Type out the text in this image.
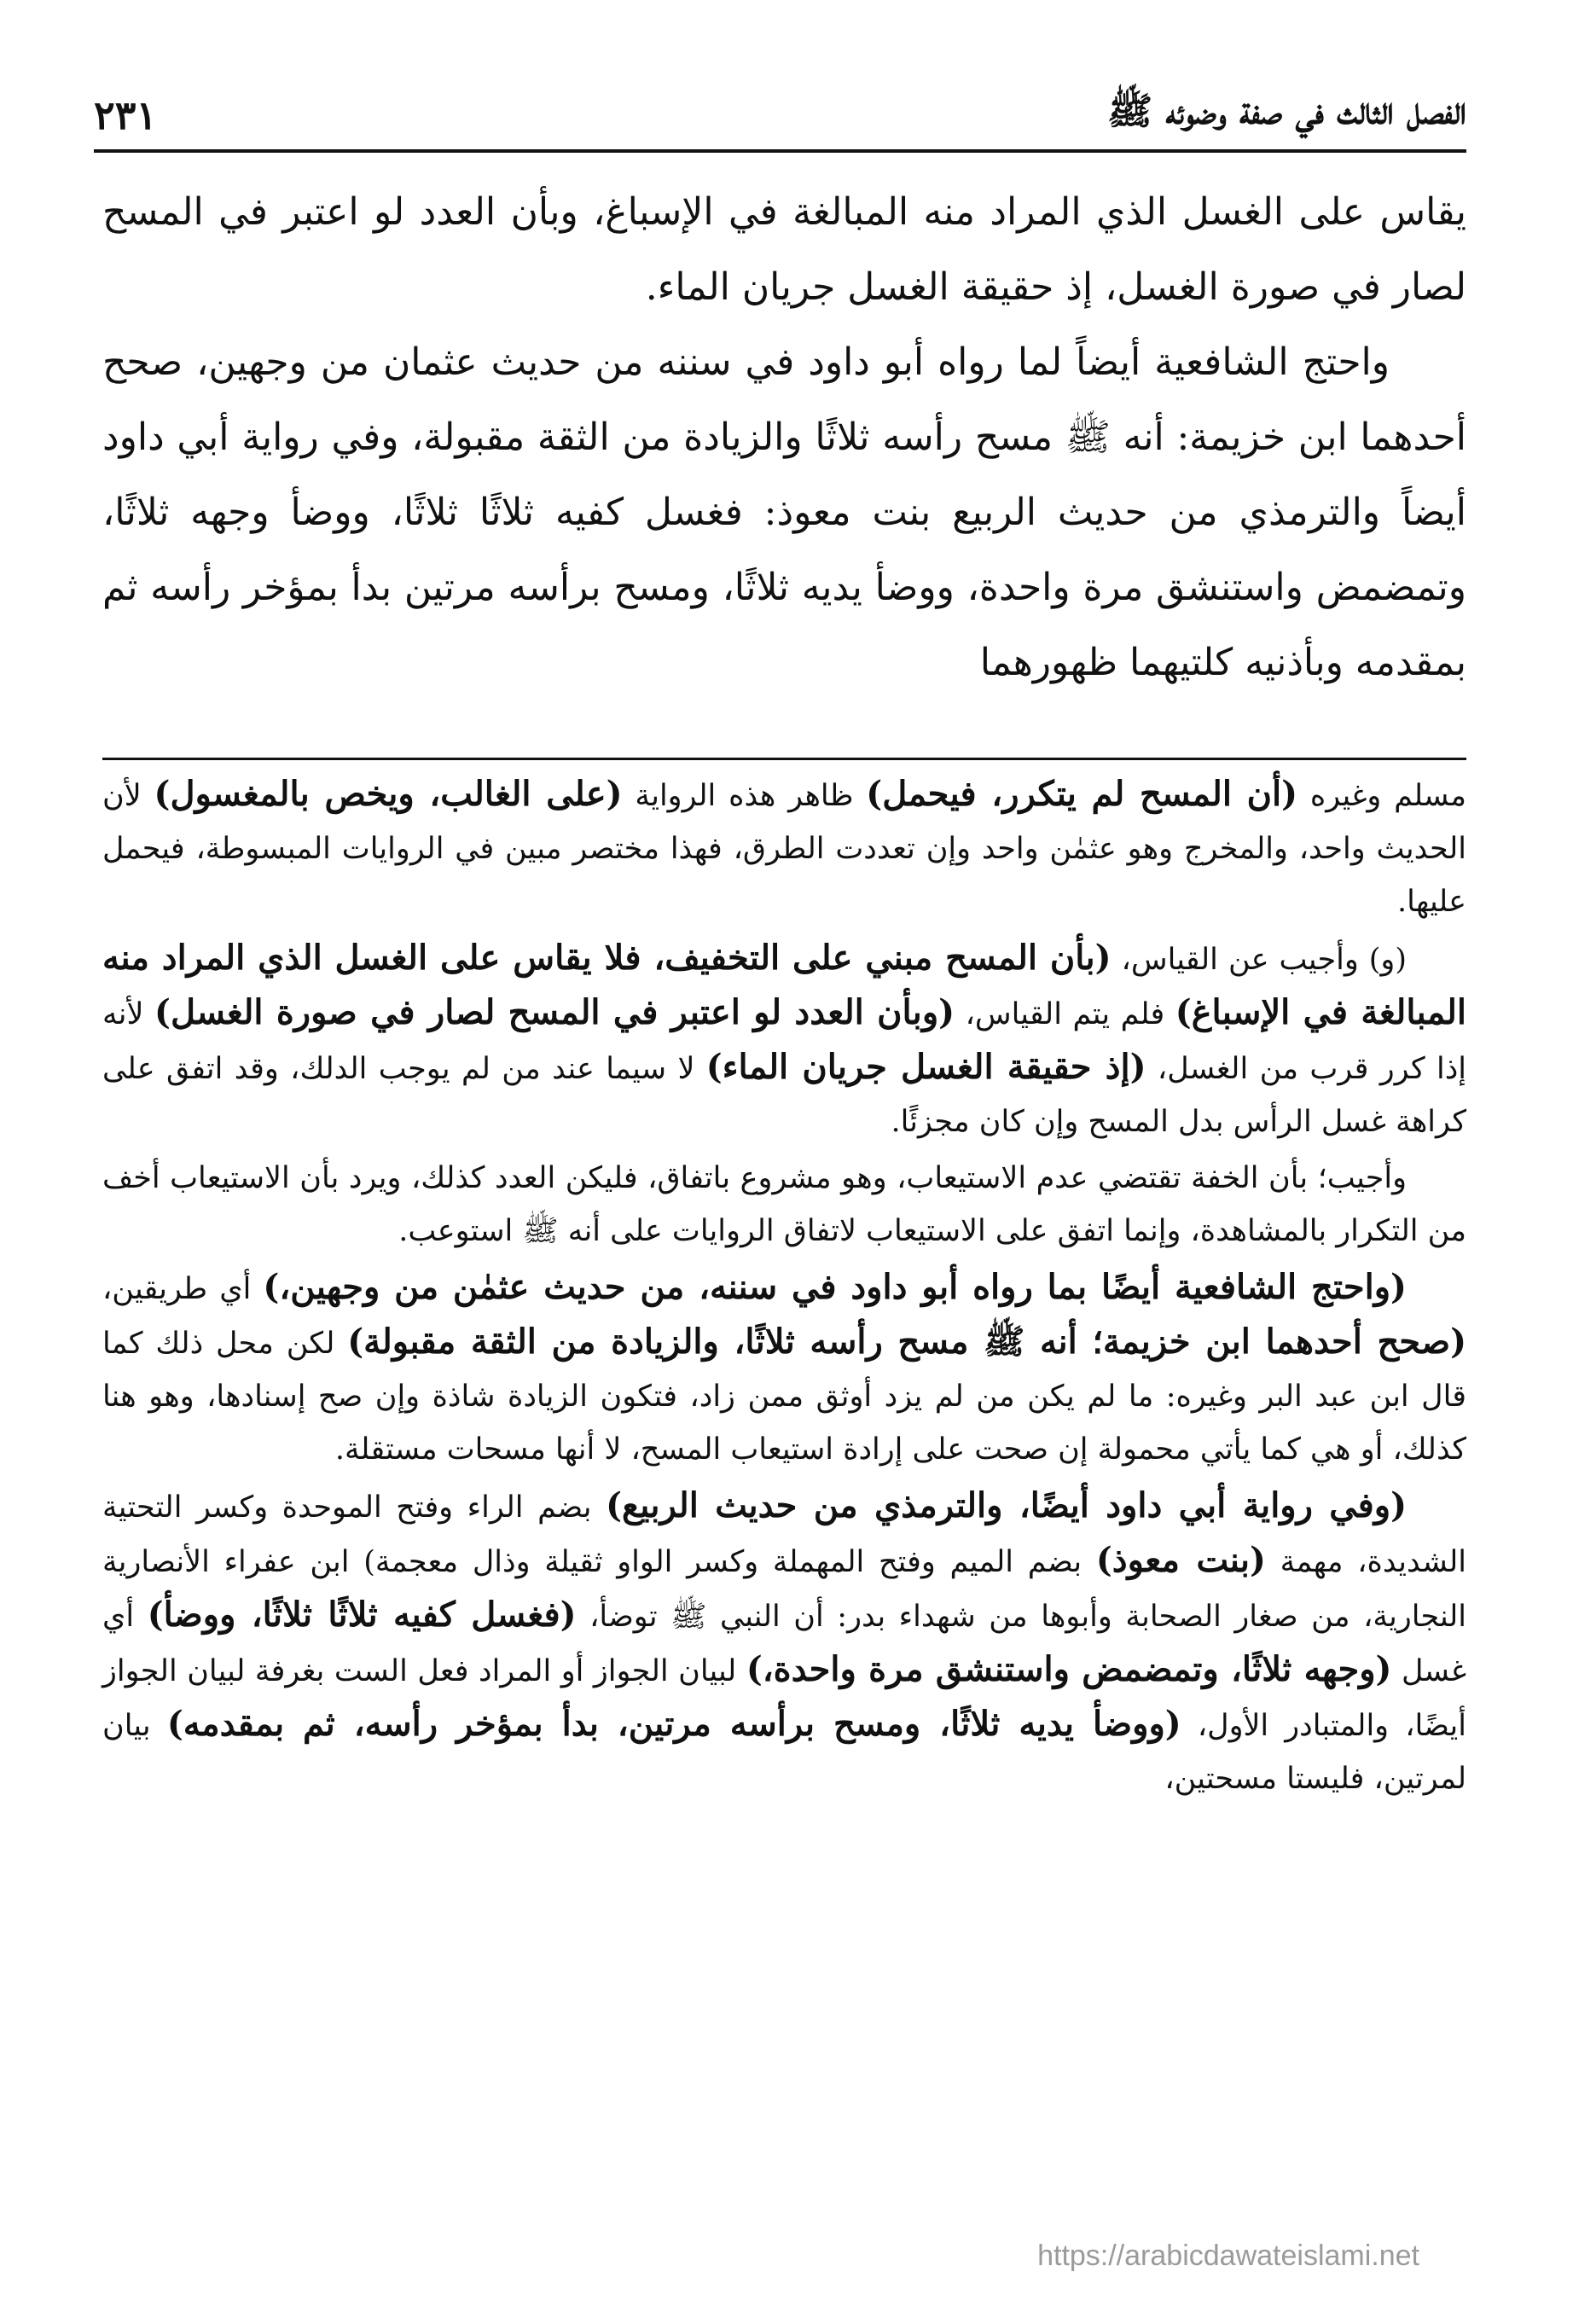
الفصل الثالث في صفة وضوئه ﷺ
٢٣١

يقاس على الغسل الذي المراد منه المبالغة في الإسباغ، وبأن العدد لو اعتبر في المسح لصار في صورة الغسل، إذ حقيقة الغسل جريان الماء.

واحتج الشافعية أيضاً لما رواه أبو داود في سننه من حديث عثمان من وجهين، صحح أحدهما ابن خزيمة: أنه ﷺ مسح رأسه ثلاثًا والزيادة من الثقة مقبولة، وفي رواية أبي داود أيضاً والترمذي من حديث الربيع بنت معوذ: فغسل كفيه ثلاثًا ثلاثًا، ووضأ وجهه ثلاثًا، وتمضمض واستنشق مرة واحدة، ووضأ يديه ثلاثًا، ومسح برأسه مرتين بدأ بمؤخر رأسه ثم بمقدمه وبأذنيه كلتيهما ظهورهما

مسلم وغيره (أن المسح لم يتكرر، فيحمل) ظاهر هذه الرواية (على الغالب، ويخص بالمغسول) لأن الحديث واحد، والمخرج وهو عثمٰن واحد وإن تعددت الطرق، فهذا مختصر مبين في الروايات المبسوطة، فيحمل عليها.

(و) وأجيب عن القياس، (بأن المسح مبني على التخفيف، فلا يقاس على الغسل الذي المراد منه المبالغة في الإسباغ) فلم يتم القياس، (وبأن العدد لو اعتبر في المسح لصار في صورة الغسل) لأنه إذا كرر قرب من الغسل، (إذ حقيقة الغسل جريان الماء) لا سيما عند من لم يوجب الدلك، وقد اتفق على كراهة غسل الرأس بدل المسح وإن كان مجزئًا.

وأجيب؛ بأن الخفة تقتضي عدم الاستيعاب، وهو مشروع باتفاق، فليكن العدد كذلك، ويرد بأن الاستيعاب أخف من التكرار بالمشاهدة، وإنما اتفق على الاستيعاب لاتفاق الروايات على أنه ﷺ استوعب.

(واحتج الشافعية أيضًا بما رواه أبو داود في سننه، من حديث عثمٰن من وجهين،) أي طريقين، (صحح أحدهما ابن خزيمة؛ أنه ﷺ مسح رأسه ثلاثًا، والزيادة من الثقة مقبولة) لكن محل ذلك كما قال ابن عبد البر وغيره: ما لم يكن من لم يزد أوثق ممن زاد، فتكون الزيادة شاذة وإن صح إسنادها، وهو هنا كذلك، أو هي كما يأتي محمولة إن صحت على إرادة استيعاب المسح، لا أنها مسحات مستقلة.

(وفي رواية أبي داود أيضًا، والترمذي من حديث الربيع) بضم الراء وفتح الموحدة وكسر التحتية الشديدة، مهمة (بنت معوذ) بضم الميم وفتح المهملة وكسر الواو ثقيلة وذال معجمة) ابن عفراء الأنصارية النجارية، من صغار الصحابة وأبوها من شهداء بدر: أن النبي ﷺ توضأ، (فغسل كفيه ثلاثًا ثلاثًا، ووضأ) أي غسل (وجهه ثلاثًا، وتمضمض واستنشق مرة واحدة،) لبيان الجواز أو المراد فعل الست بغرفة لبيان الجواز أيضًا، والمتبادر الأول، (ووضأ يديه ثلاثًا، ومسح برأسه مرتين، بدأ بمؤخر رأسه، ثم بمقدمه) بيان لمرتين، فليستا مسحتين،

https://arabicdawateislami.net
